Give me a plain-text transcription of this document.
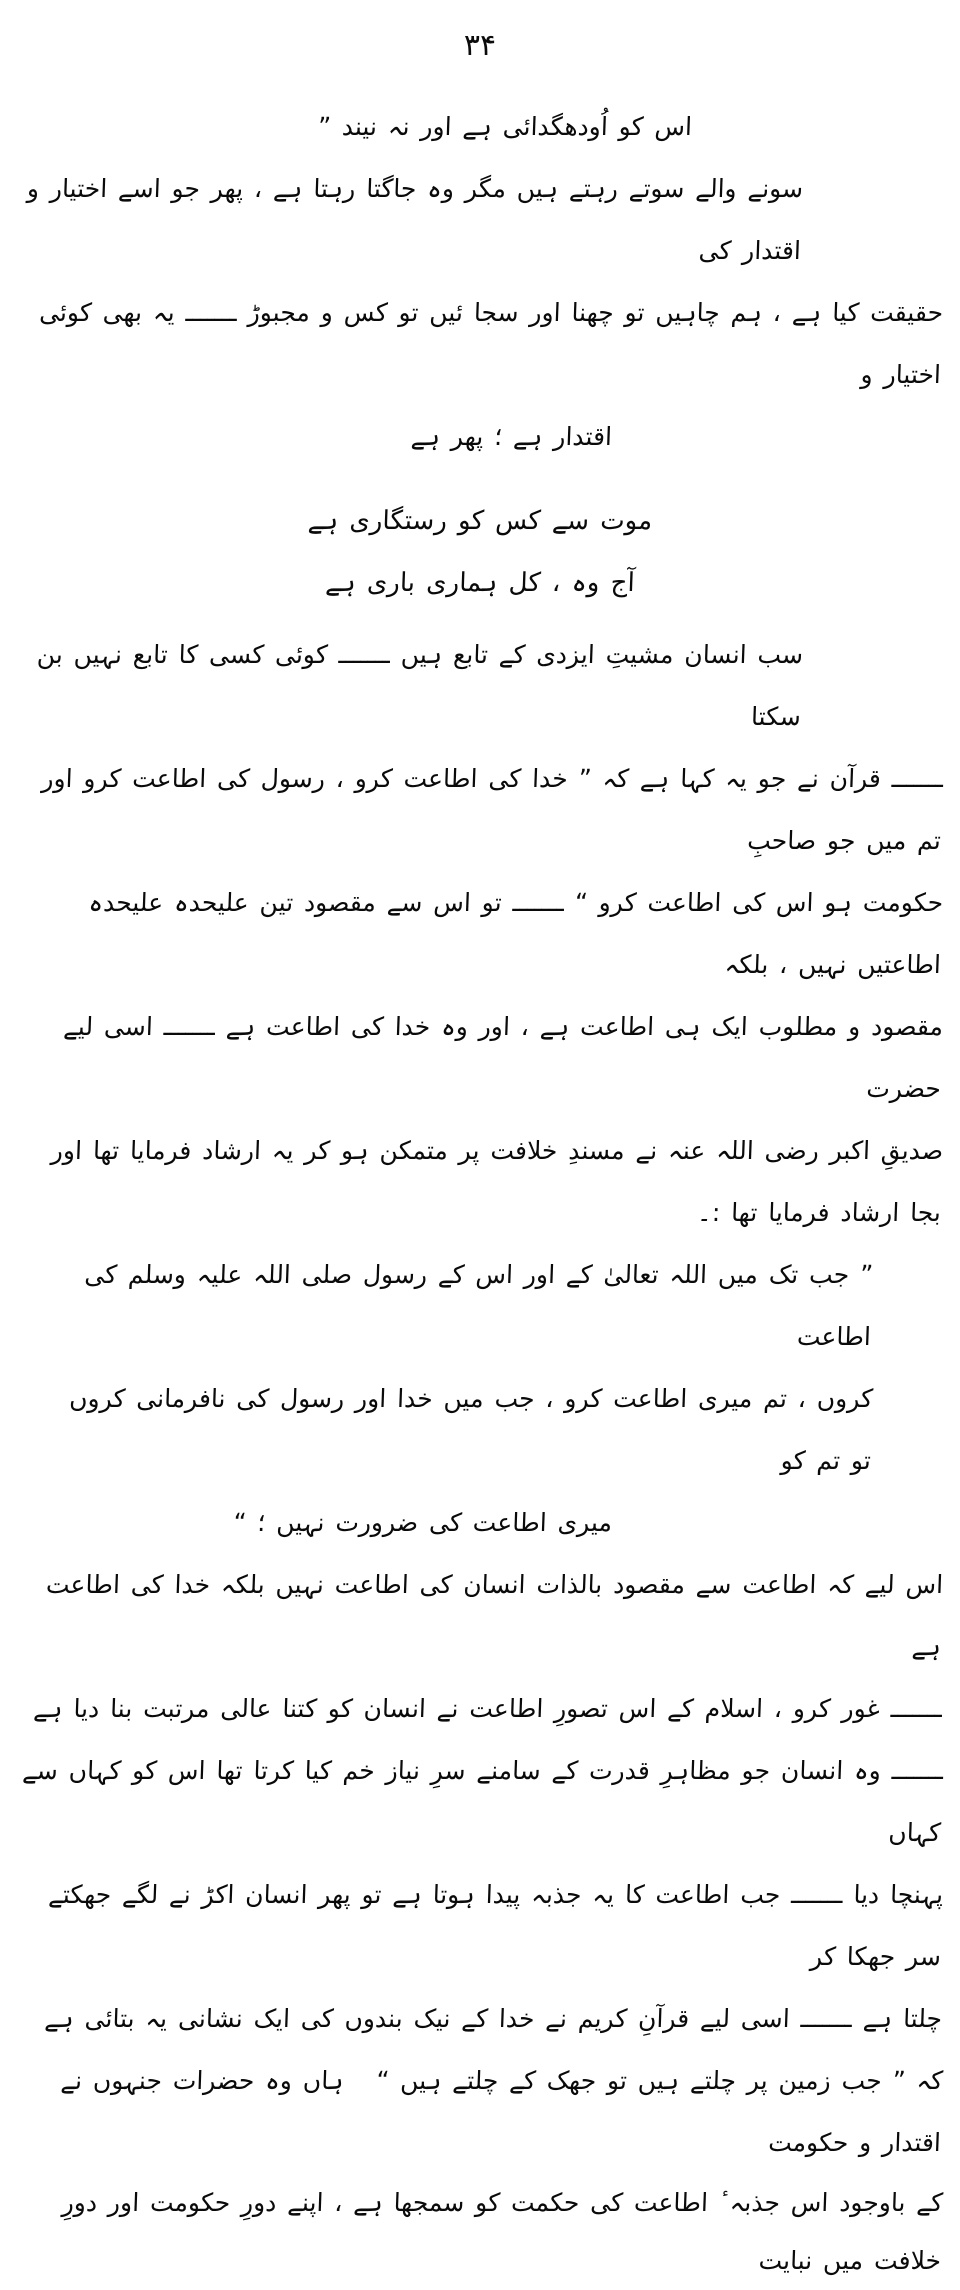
۳۴
اس کو اُودھگدائی ہے اور نہ نیند ”
سونے والے سوتے رہتے ہیں مگر وہ جاگتا رہتا ہے ، پھر جو اسے اختیار و اقتدار کی
حقیقت کیا ہے ، ہم چاہیں تو چھنا اور سجا ئیں تو کس و مجبوڑ ـــــــ یہ بھی کوئی اختیار و
اقتدار ہے ؛ پھر ہے
موت سے کس کو رستگاری ہے
آج وہ ، کل ہماری باری ہے
سب انسان مشیتِ ایزدی کے تابع ہیں ـــــــ کوئی کسی کا تابع نہیں بن سکتا
ـــــــ قرآن نے جو یہ کہا ہے کہ ” خدا کی اطاعت کرو ، رسول کی اطاعت کرو اور تم میں جو صاحبِ
حکومت ہو اس کی اطاعت کرو “ ـــــــ تو اس سے مقصود تین علیحدہ علیحدہ اطاعتیں نہیں ، بلکہ
مقصود و مطلوب ایک ہی اطاعت ہے ، اور وہ خدا کی اطاعت ہے ـــــــ اسی لیے حضرت
صدیقِ اکبر رضی اللہ عنہ نے مسندِ خلافت پر متمکن ہو کر یہ ارشاد فرمایا تھا اور بجا ارشاد فرمایا تھا :۔
” جب تک میں اللہ تعالیٰ کے اور اس کے رسول صلی اللہ علیہ وسلم کی اطاعت
کروں ، تم میری اطاعت کرو ، جب میں خدا اور رسول کی نافرمانی کروں تو تم کو
میری اطاعت کی ضرورت نہیں ؛ “
اس لیے کہ اطاعت سے مقصود بالذات انسان کی اطاعت نہیں بلکہ خدا کی اطاعت ہے
ـــــــ غور کرو ، اسلام کے اس تصورِ اطاعت نے انسان کو کتنا عالی مرتبت بنا دیا ہے
ـــــــ وہ انسان جو مظاہرِ قدرت کے سامنے سرِ نیاز خم کیا کرتا تھا اس کو کہاں سے کہاں
پہنچا دیا ـــــــ جب اطاعت کا یہ جذبہ پیدا ہوتا ہے تو پھر انسان اکڑ نے لگے جھکتے سر جھکا کر
چلتا ہے ـــــــ اسی لیے قرآنِ کریم نے خدا کے نیک بندوں کی ایک نشانی یہ بتائی ہے
کہ ” جب زمین پر چلتے ہیں تو جھک کے چلتے ہیں “   ہاں وہ حضرات جنہوں نے اقتدار و حکومت
کے باوجود اس جذبہ ٔ اطاعت کی حکمت کو سمجھا ہے ، اپنے دورِ حکومت اور دورِ خلافت میں نبایت
